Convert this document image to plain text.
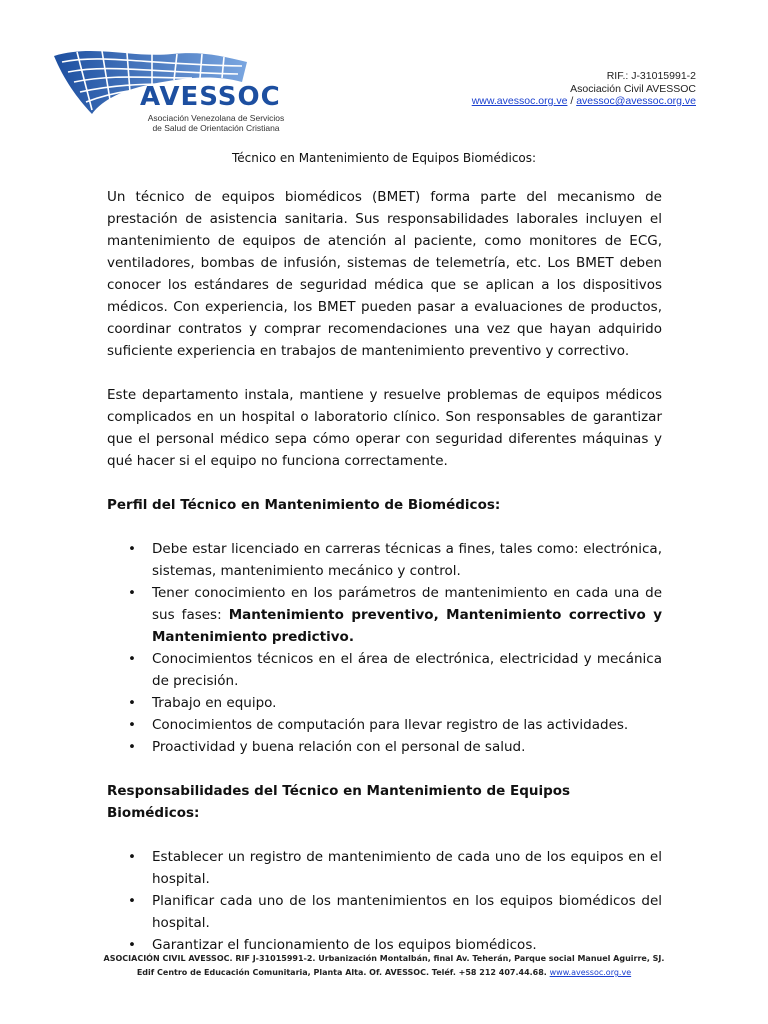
AVESSOC
Asociación Venezolana de Servicios de Salud de Orientación Cristiana
RIF.: J-31015991-2
Asociación Civil AVESSOC
www.avessoc.org.ve / avessoc@avessoc.org.ve
Técnico en Mantenimiento de Equipos Biomédicos:

Un técnico de equipos biomédicos (BMET) forma parte del mecanismo de prestación de asistencia sanitaria. Sus responsabilidades laborales incluyen el mantenimiento de equipos de atención al paciente, como monitores de ECG, ventiladores, bombas de infusión, sistemas de telemetría, etc. Los BMET deben conocer los estándares de seguridad médica que se aplican a los dispositivos médicos. Con experiencia, los BMET pueden pasar a evaluaciones de productos, coordinar contratos y comprar recomendaciones una vez que hayan adquirido suficiente experiencia en trabajos de mantenimiento preventivo y correctivo.

Este departamento instala, mantiene y resuelve problemas de equipos médicos complicados en un hospital o laboratorio clínico. Son responsables de garantizar que el personal médico sepa cómo operar con seguridad diferentes máquinas y qué hacer si el equipo no funciona correctamente.

Perfil del Técnico en Mantenimiento de Biomédicos:
• Debe estar licenciado en carreras técnicas a fines, tales como: electrónica, sistemas, mantenimiento mecánico y control.
• Tener conocimiento en los parámetros de mantenimiento en cada una de sus fases: Mantenimiento preventivo, Mantenimiento correctivo y Mantenimiento predictivo.
• Conocimientos técnicos en el área de electrónica, electricidad y mecánica de precisión.
• Trabajo en equipo.
• Conocimientos de computación para llevar registro de las actividades.
• Proactividad y buena relación con el personal de salud.
Responsabilidades del Técnico en Mantenimiento de Equipos Biomédicos:
• Establecer un registro de mantenimiento de cada uno de los equipos en el hospital.
• Planificar cada uno de los mantenimientos en los equipos biomédicos del hospital.
• Garantizar el funcionamiento de los equipos biomédicos.
ASOCIACIÓN CIVIL AVESSOC. RIF J-31015991-2. Urbanización Montalbán, final Av. Teherán, Parque social Manuel Aguirre, SJ.
Edif Centro de Educación Comunitaria, Planta Alta. Of. AVESSOC. Teléf. +58 212 407.44.68. www.avessoc.org.ve
